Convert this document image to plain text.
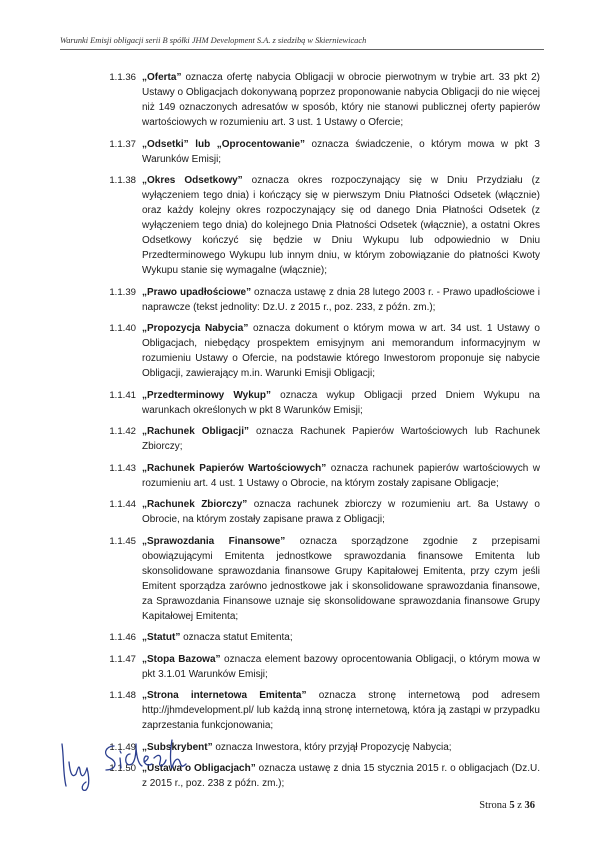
Warunki Emisji obligacji serii B spółki JHM Development S.A. z siedzibą w Skierniewicach
1.1.36 „Oferta” oznacza ofertę nabycia Obligacji w obrocie pierwotnym w trybie art. 33 pkt 2) Ustawy o Obligacjach dokonywaną poprzez proponowanie nabycia Obligacji do nie więcej niż 149 oznaczonych adresatów w sposób, który nie stanowi publicznej oferty papierów wartościowych w rozumieniu art. 3 ust. 1 Ustawy o Ofercie;
1.1.37 „Odsetki” lub „Oprocentowanie” oznacza świadczenie, o którym mowa w pkt 3 Warunków Emisji;
1.1.38 „Okres Odsetkowy” oznacza okres rozpoczynający się w Dniu Przydziału (z wyłączeniem tego dnia) i kończący się w pierwszym Dniu Płatności Odsetek (włącznie) oraz każdy kolejny okres rozpoczynający się od danego Dnia Płatności Odsetek (z wyłączeniem tego dnia) do kolejnego Dnia Płatności Odsetek (włącznie), a ostatni Okres Odsetkowy kończyć się będzie w Dniu Wykupu lub odpowiednio w Dniu Przedterminowego Wykupu lub innym dniu, w którym zobowiązanie do płatności Kwoty Wykupu stanie się wymagalne (włącznie);
1.1.39 „Prawo upadłościowe” oznacza ustawę z dnia 28 lutego 2003 r. - Prawo upadłościowe i naprawcze (tekst jednolity: Dz.U. z 2015 r., poz. 233, z późn. zm.);
1.1.40 „Propozycja Nabycia” oznacza dokument o którym mowa w art. 34 ust. 1 Ustawy o Obligacjach, niebędący prospektem emisyjnym ani memorandum informacyjnym w rozumieniu Ustawy o Ofercie, na podstawie którego Inwestorom proponuje się nabycie Obligacji, zawierający m.in. Warunki Emisji Obligacji;
1.1.41 „Przedterminowy Wykup” oznacza wykup Obligacji przed Dniem Wykupu na warunkach określonych w pkt 8 Warunków Emisji;
1.1.42 „Rachunek Obligacji” oznacza Rachunek Papierów Wartościowych lub Rachunek Zbiorczy;
1.1.43 „Rachunek Papierów Wartościowych” oznacza rachunek papierów wartościowych w rozumieniu art. 4 ust. 1 Ustawy o Obrocie, na którym zostały zapisane Obligacje;
1.1.44 „Rachunek Zbiorczy” oznacza rachunek zbiorczy w rozumieniu art. 8a Ustawy o Obrocie, na którym zostały zapisane prawa z Obligacji;
1.1.45 „Sprawozdania Finansowe” oznacza sporządzone zgodnie z przepisami obowiązującymi Emitenta jednostkowe sprawozdania finansowe Emitenta lub skonsolidowane sprawozdania finansowe Grupy Kapitałowej Emitenta, przy czym jeśli Emitent sporządza zarówno jednostkowe jak i skonsolidowane sprawozdania finansowe, za Sprawozdania Finansowe uznaje się skonsolidowane sprawozdania finansowe Grupy Kapitałowej Emitenta;
1.1.46 „Statut” oznacza statut Emitenta;
1.1.47 „Stopa Bazowa” oznacza element bazowy oprocentowania Obligacji, o którym mowa w pkt 3.1.01 Warunków Emisji;
1.1.48 „Strona internetowa Emitenta” oznacza stronę internetową pod adresem http://jhmdevelopment.pl/ lub każdą inną stronę internetową, która ją zastąpi w przypadku zaprzestania funkcjonowania;
1.1.49 „Subskrybent” oznacza Inwestora, który przyjął Propozycję Nabycia;
1.1.50 „Ustawa o Obligacjach” oznacza ustawę z dnia 15 stycznia 2015 r. o obligacjach (Dz.U. z 2015 r., poz. 238 z późn. zm.);
Strona 5 z 36
